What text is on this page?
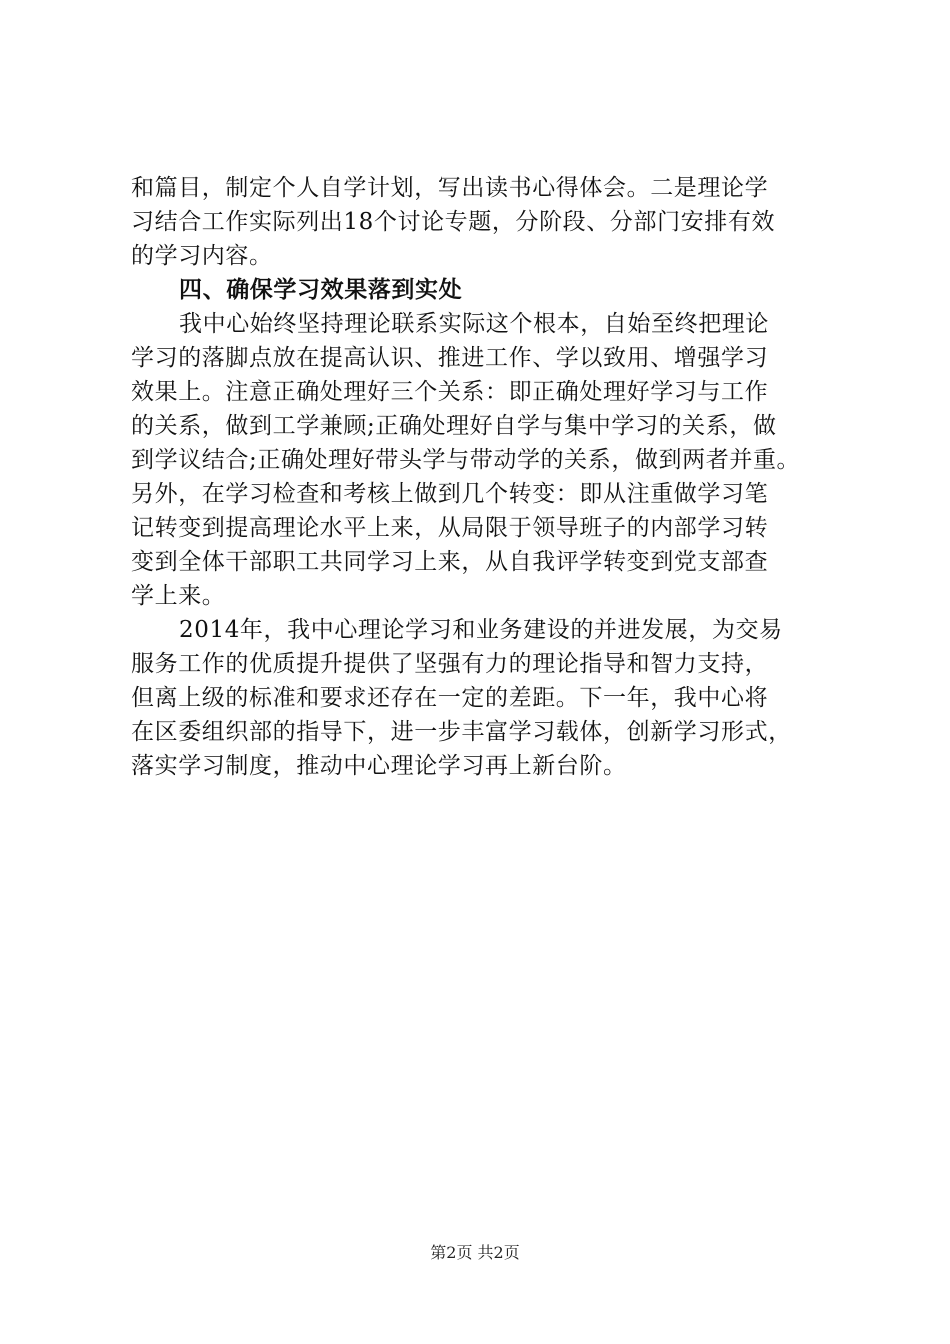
和篇目，制定个人自学计划，写出读书心得体会。二是理论学
习结合工作实际列出18个讨论专题，分阶段、分部门安排有效
的学习内容。
四、确保学习效果落到实处
我中心始终坚持理论联系实际这个根本，自始至终把理论
学习的落脚点放在提高认识、推进工作、学以致用、增强学习
效果上。注意正确处理好三个关系：即正确处理好学习与工作
的关系，做到工学兼顾;正确处理好自学与集中学习的关系，做
到学议结合;正确处理好带头学与带动学的关系，做到两者并重。
另外，在学习检查和考核上做到几个转变：即从注重做学习笔
记转变到提高理论水平上来，从局限于领导班子的内部学习转
变到全体干部职工共同学习上来，从自我评学转变到党支部查
学上来。
2014年，我中心理论学习和业务建设的并进发展，为交易
服务工作的优质提升提供了坚强有力的理论指导和智力支持，
但离上级的标准和要求还存在一定的差距。下一年，我中心将
在区委组织部的指导下，进一步丰富学习载体，创新学习形式，
落实学习制度，推动中心理论学习再上新台阶。
第2页 共2页
